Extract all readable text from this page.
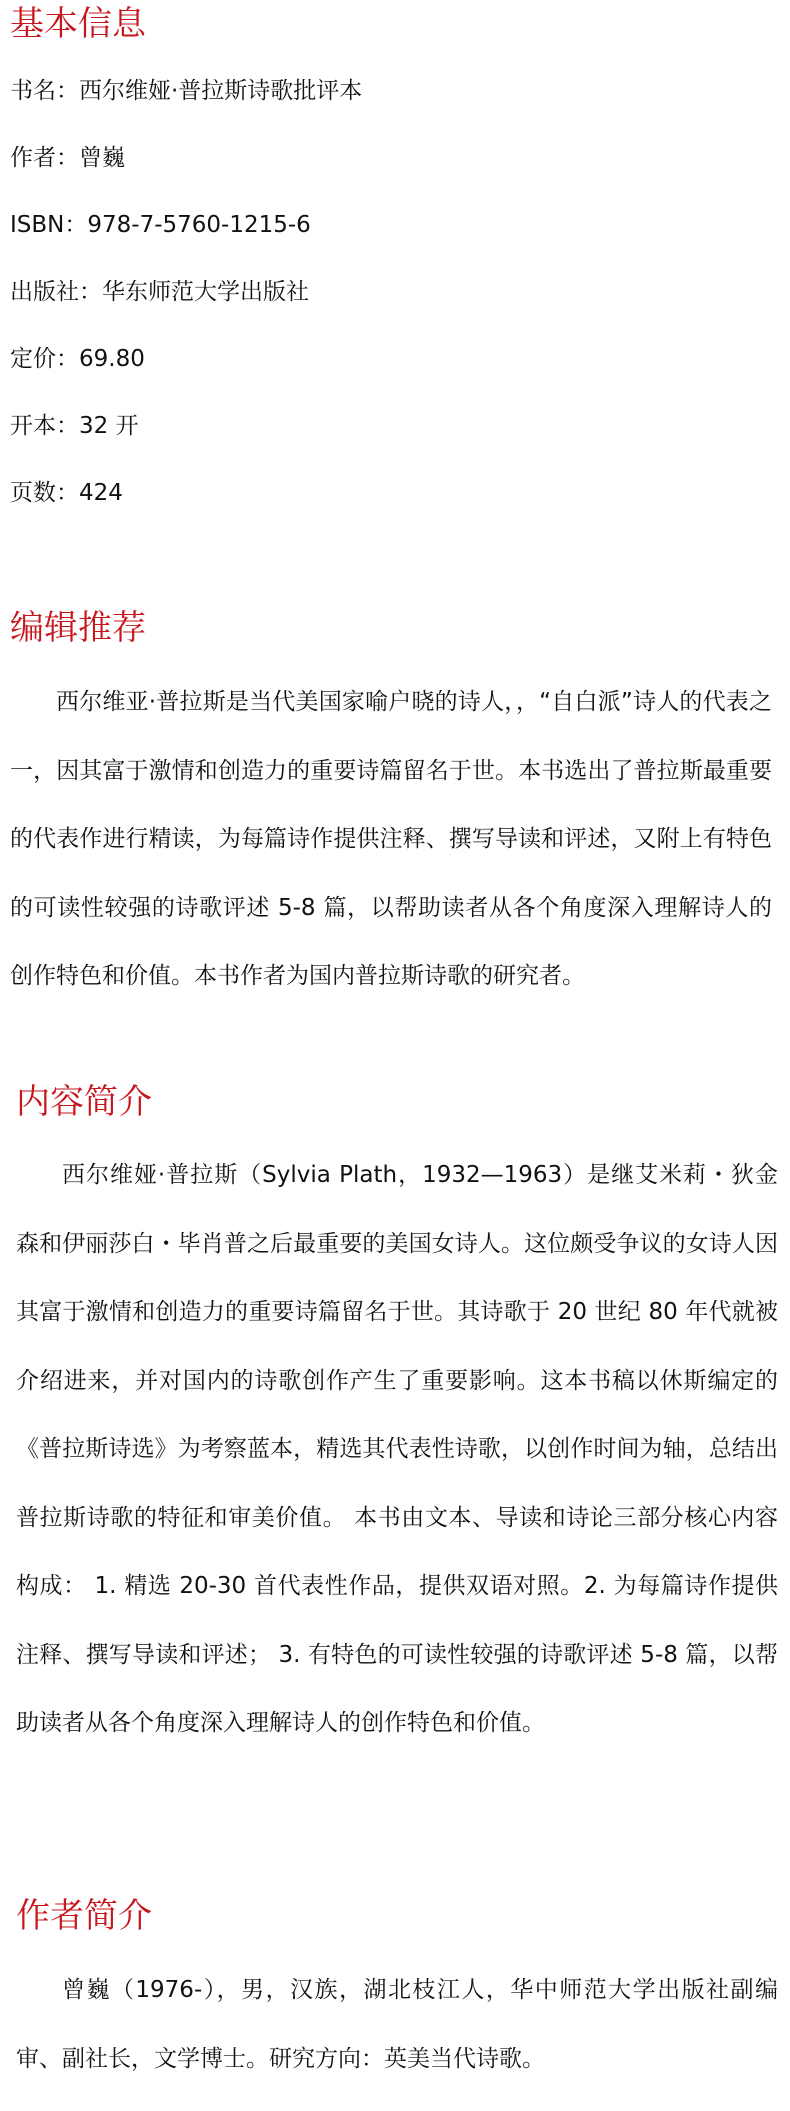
基本信息

书名：西尔维娅·普拉斯诗歌批评本

作者：曾巍

ISBN：978-7-5760-1215-6

出版社：华东师范大学出版社

定价：69.80

开本：32 开

页数：424

编辑推荐

西尔维亚·普拉斯是当代美国家喻户晓的诗人，，“自白派”诗人的代表之一，因其富于激情和创造力的重要诗篇留名于世。本书选出了普拉斯最重要的代表作进行精读，为每篇诗作提供注释、撰写导读和评述，又附上有特色的可读性较强的诗歌评述 5-8 篇，以帮助读者从各个角度深入理解诗人的创作特色和价值。本书作者为国内普拉斯诗歌的研究者。

内容简介

西尔维娅·普拉斯（Sylvia Plath，1932—1963）是继艾米莉・狄金森和伊丽莎白・毕肖普之后最重要的美国女诗人。这位颇受争议的女诗人因其富于激情和创造力的重要诗篇留名于世。其诗歌于 20 世纪 80 年代就被介绍进来，并对国内的诗歌创作产生了重要影响。这本书稿以休斯编定的《普拉斯诗选》为考察蓝本，精选其代表性诗歌，以创作时间为轴，总结出普拉斯诗歌的特征和审美价值。 本书由文本、导读和诗论三部分核心内容构成： 1. 精选 20-30 首代表性作品，提供双语对照。2. 为每篇诗作提供注释、撰写导读和评述； 3. 有特色的可读性较强的诗歌评述 5-8 篇，以帮助读者从各个角度深入理解诗人的创作特色和价值。

作者简介

曾巍（1976-），男，汉族，湖北枝江人，华中师范大学出版社副编审、副社长，文学博士。研究方向：英美当代诗歌。
